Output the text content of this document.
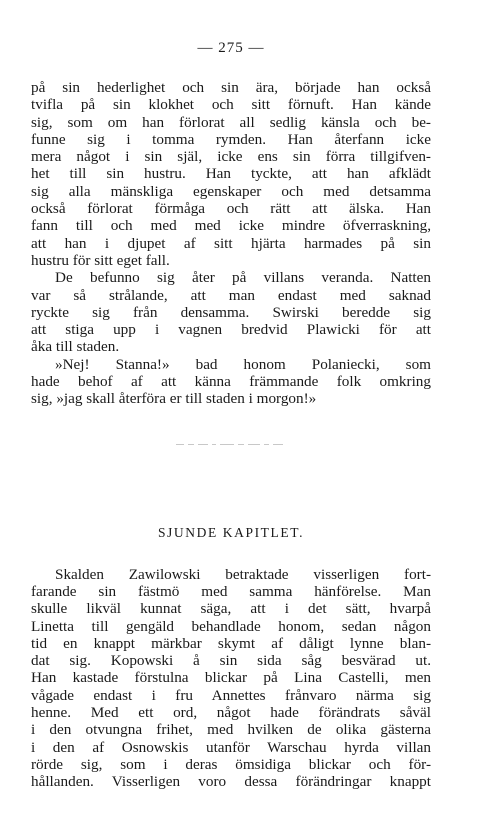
— 275 —

på sin hederlighet och sin ära, började han också
tvifla på sin klokhet och sitt förnuft. Han kände
sig, som om han förlorat all sedlig känsla och be-
funne sig i tomma rymden. Han återfann icke
mera något i sin själ, icke ens sin förra tillgifven-
het till sin hustru. Han tyckte, att han afklädt
sig alla mänskliga egenskaper och med detsamma
också förlorat förmåga och rätt att älska. Han
fann till och med med icke mindre öfverraskning,
att han i djupet af sitt hjärta harmades på sin
hustru för sitt eget fall.

De befunno sig åter på villans veranda. Natten
var så strålande, att man endast med saknad
ryckte sig från densamma. Swirski beredde sig
att stiga upp i vagnen bredvid Plawicki för att
åka till staden.

»Nej! Stanna!» bad honom Polaniecki, som
hade behof af att känna främmande folk omkring
sig, »jag skall återföra er till staden i morgon!»

SJUNDE KAPITLET.

Skalden Zawilowski betraktade visserligen fort-
farande sin fästmö med samma hänförelse. Man
skulle likväl kunnat säga, att i det sätt, hvarpå
Linetta till gengäld behandlade honom, sedan någon
tid en knappt märkbar skymt af dåligt lynne blan-
dat sig. Kopowski å sin sida såg besvärad ut.
Han kastade förstulna blickar på Lina Castelli, men
vågade endast i fru Annettes frånvaro närma sig
henne. Med ett ord, något hade förändrats såväl
i den otvungna frihet, med hvilken de olika gästerna
i den af Osnowskis utanför Warschau hyrda villan
rörde sig, som i deras ömsidiga blickar och för-
hållanden. Visserligen voro dessa förändringar knappt
